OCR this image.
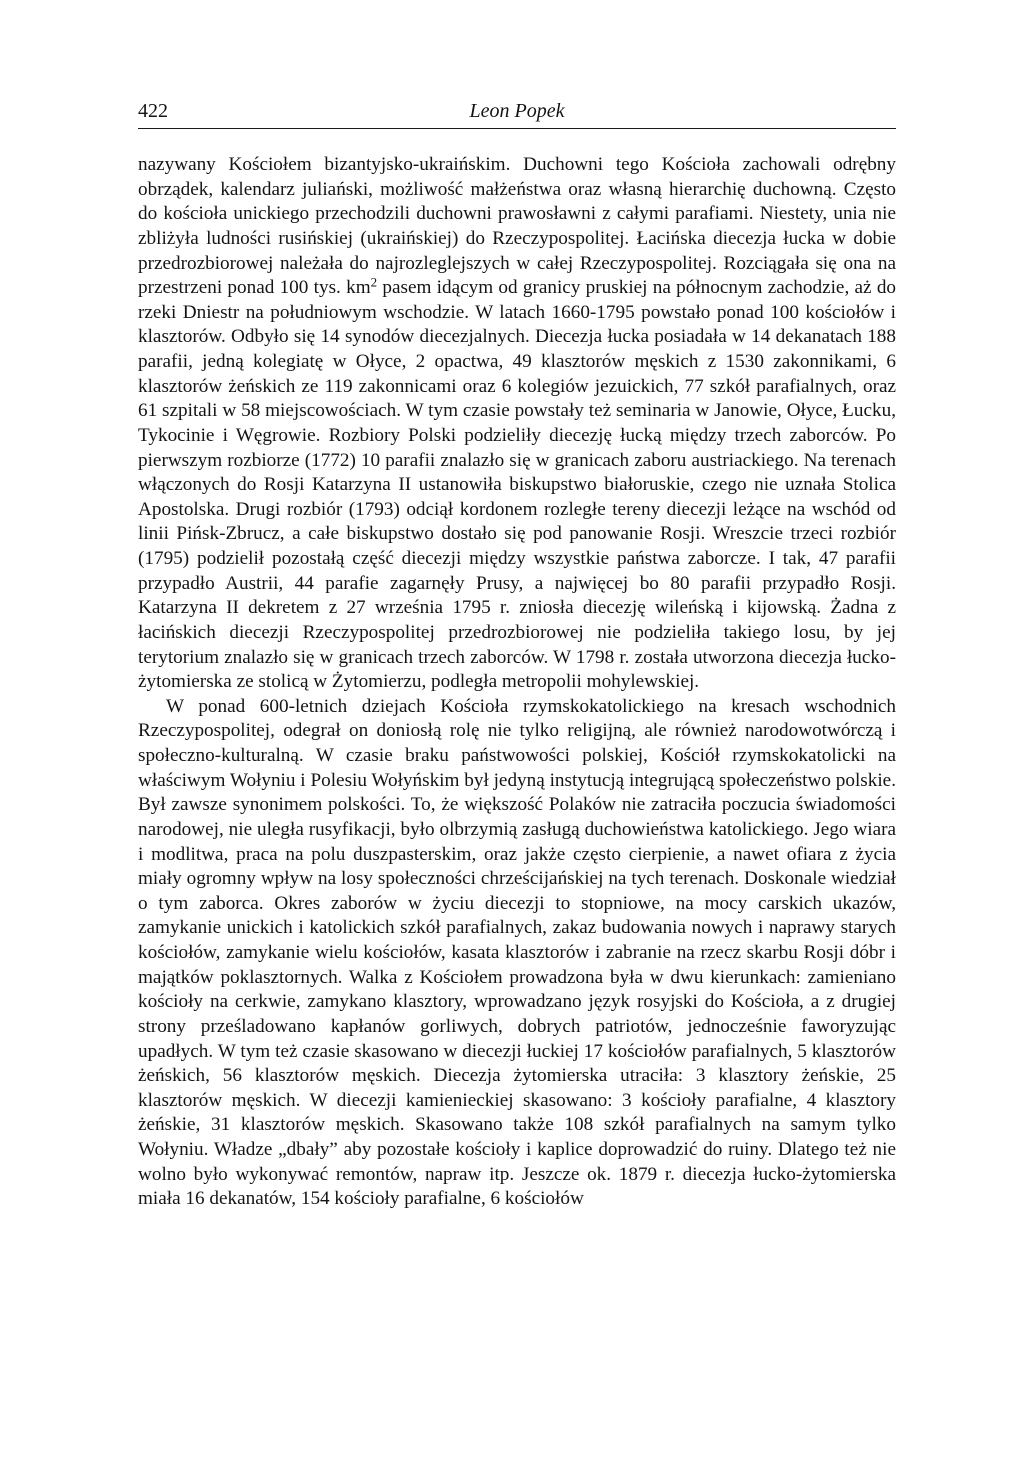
422	Leon Popek

nazywany Kościołem bizantyjsko-ukraińskim. Duchowni tego Kościoła zachowali odrębny obrządek, kalendarz juliański, możliwość małżeństwa oraz własną hierarchię duchowną. Często do kościoła unickiego przechodzili duchowni prawosławni z całymi parafiami. Niestety, unia nie zbliżyła ludności rusińskiej (ukraińskiej) do Rzeczypospolitej. Łacińska diecezja łucka w dobie przedrozbiorowej należała do najrozleglejszych w całej Rzeczypospolitej. Rozciągała się ona na przestrzeni ponad 100 tys. $km^2$ pasem idącym od granicy pruskiej na północnym zachodzie, aż do rzeki Dniestr na południowym wschodzie. W latach 1660-1795 powstało ponad 100 kościołów i klasztorów. Odbyło się 14 synodów diecezjalnych. Diecezja łucka posiadała w 14 dekanatach 188 parafii, jedną kolegiatę w Ołyce, 2 opactwa, 49 klasztorów męskich z 1530 zakonnikami, 6 klasztorów żeńskich ze 119 zakonnicami oraz 6 kolegiów jezuickich, 77 szkół parafialnych, oraz 61 szpitali w 58 miejscowościach. W tym czasie powstały też seminaria w Janowie, Ołyce, Łucku, Tykocinie i Węgrowie. Rozbiory Polski podzieliły diecezję łucką między trzech zaborców. Po pierwszym rozbiorze (1772) 10 parafii znalazło się w granicach zaboru austriackiego. Na terenach włączonych do Rosji Katarzyna II ustanowiła biskupstwo białoruskie, czego nie uznała Stolica Apostolska. Drugi rozbiór (1793) odciął kordonem rozległe tereny diecezji leżące na wschód od linii Pińsk-Zbrucz, a całe biskupstwo dostało się pod panowanie Rosji. Wreszcie trzeci rozbiór (1795) podzielił pozostałą część diecezji między wszystkie państwa zaborcze. I tak, 47 parafii przypadło Austrii, 44 parafie zagarnęły Prusy, a najwięcej bo 80 parafii przypadło Rosji. Katarzyna II dekretem z 27 września 1795 r. zniosła diecezję wileńską i kijowską. Żadna z łacińskich diecezji Rzeczypospolitej przedrozbiorowej nie podzieliła takiego losu, by jej terytorium znalazło się w granicach trzech zaborców. W 1798 r. została utworzona diecezja łucko-żytomierska ze stolicą w Żytomierzu, podległa metropolii mohylewskiej.

W ponad 600-letnich dziejach Kościoła rzymskokatolickiego na kresach wschodnich Rzeczypospolitej, odegrał on doniosłą rolę nie tylko religijną, ale również narodowotwórczą i społeczno-kulturalną. W czasie braku państwowości polskiej, Kościół rzymskokatolicki na właściwym Wołyniu i Polesiu Wołyńskim był jedyną instytucją integrującą społeczeństwo polskie. Był zawsze synonimem polskości. To, że większość Polaków nie zatraciła poczucia świadomości narodowej, nie uległa rusyfikacji, było olbrzymią zasługą duchowieństwa katolickiego. Jego wiara i modlitwa, praca na polu duszpasterskim, oraz jakże często cierpienie, a nawet ofiara z życia miały ogromny wpływ na losy społeczności chrześcijańskiej na tych terenach. Doskonale wiedział o tym zaborca. Okres zaborów w życiu diecezji to stopniowe, na mocy carskich ukazów, zamykanie unickich i katolickich szkół parafialnych, zakaz budowania nowych i naprawy starych kościołów, zamykanie wielu kościołów, kasata klasztorów i zabranie na rzecz skarbu Rosji dóbr i majątków poklasztornych. Walka z Kościołem prowadzona była w dwu kierunkach: zamieniano kościoły na cerkwie, zamykano klasztory, wprowadzano język rosyjski do Kościoła, a z drugiej strony prześladowano kapłanów gorliwych, dobrych patriotów, jednocześnie faworyzując upadłych. W tym też czasie skasowano w diecezji łuckiej 17 kościołów parafialnych, 5 klasztorów żeńskich, 56 klasztorów męskich. Diecezja żytomierska utraciła: 3 klasztory żeńskie, 25 klasztorów męskich. W diecezji kamienieckiej skasowano: 3 kościoły parafialne, 4 klasztory żeńskie, 31 klasztorów męskich. Skasowano także 108 szkół parafialnych na samym tylko Wołyniu. Władze „dbały” aby pozostałe kościoły i kaplice doprowadzić do ruiny. Dlatego też nie wolno było wykonywać remontów, napraw itp. Jeszcze ok. 1879 r. diecezja łucko-żytomierska miała 16 dekanatów, 154 kościoły parafialne, 6 kościołów
